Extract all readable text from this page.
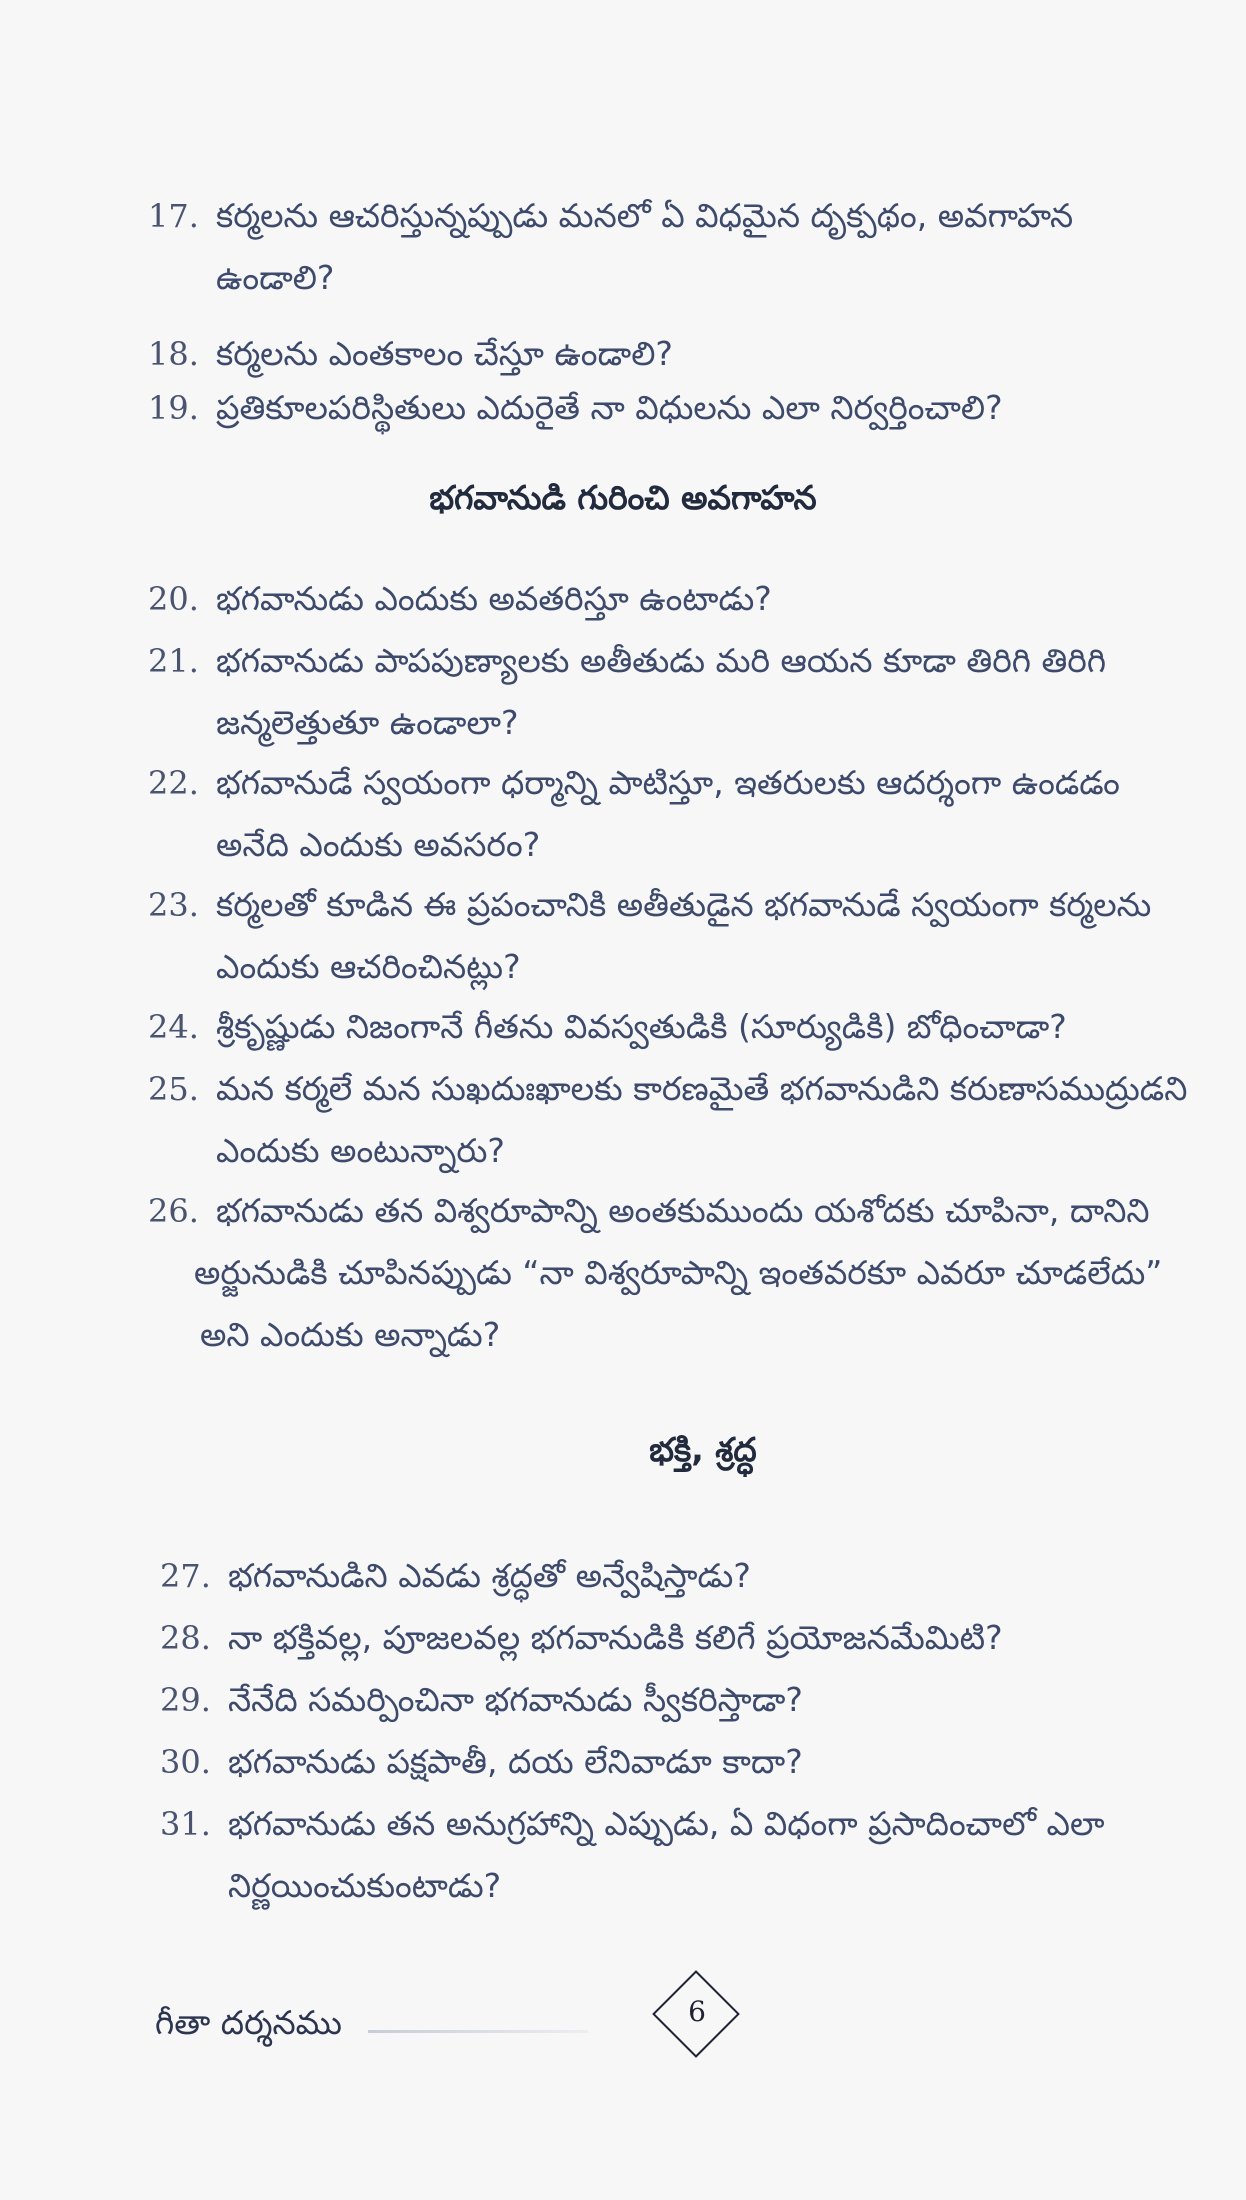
17. కర్మలను ఆచరిస్తున్నప్పుడు మనలో ఏ విధమైన దృక్పథం, అవగాహన
ఉండాలి?
18. కర్మలను ఎంతకాలం చేస్తూ ఉండాలి?
19. ప్రతికూలపరిస్థితులు ఎదురైతే నా విధులను ఎలా నిర్వర్తించాలి?
భగవానుడి గురించి అవగాహన
20. భగవానుడు ఎందుకు అవతరిస్తూ ఉంటాడు?
21. భగవానుడు పాపపుణ్యాలకు అతీతుడు మరి ఆయన కూడా తిరిగి తిరిగి
జన్మలెత్తుతూ ఉండాలా?
22. భగవానుడే స్వయంగా ధర్మాన్ని పాటిస్తూ, ఇతరులకు ఆదర్శంగా ఉండడం
అనేది ఎందుకు అవసరం?
23. కర్మలతో కూడిన ఈ ప్రపంచానికి అతీతుడైన భగవానుడే స్వయంగా కర్మలను
ఎందుకు ఆచరించినట్లు?
24. శ్రీకృష్ణుడు నిజంగానే గీతను వివస్వతుడికి (సూర్యుడికి) బోధించాడా?
25. మన కర్మలే మన సుఖదుఃఖాలకు కారణమైతే భగవానుడిని కరుణాసముద్రుడని
ఎందుకు అంటున్నారు?
26. భగవానుడు తన విశ్వరూపాన్ని అంతకుముందు యశోదకు చూపినా, దానిని
అర్జునుడికి చూపినప్పుడు “నా విశ్వరూపాన్ని ఇంతవరకూ ఎవరూ చూడలేదు”
అని ఎందుకు అన్నాడు?
భక్తి, శ్రద్ధ
27. భగవానుడిని ఎవడు శ్రద్ధతో అన్వేషిస్తాడు?
28. నా భక్తివల్ల, పూజలవల్ల భగవానుడికి కలిగే ప్రయోజనమేమిటి?
29. నేనేది సమర్పించినా భగవానుడు స్వీకరిస్తాడా?
30. భగవానుడు పక్షపాతీ, దయ లేనివాడూ కాదా?
31. భగవానుడు తన అనుగ్రహాన్ని ఎప్పుడు, ఏ విధంగా ప్రసాదించాలో ఎలా
నిర్ణయించుకుంటాడు?
గీతా దర్శనము	6
